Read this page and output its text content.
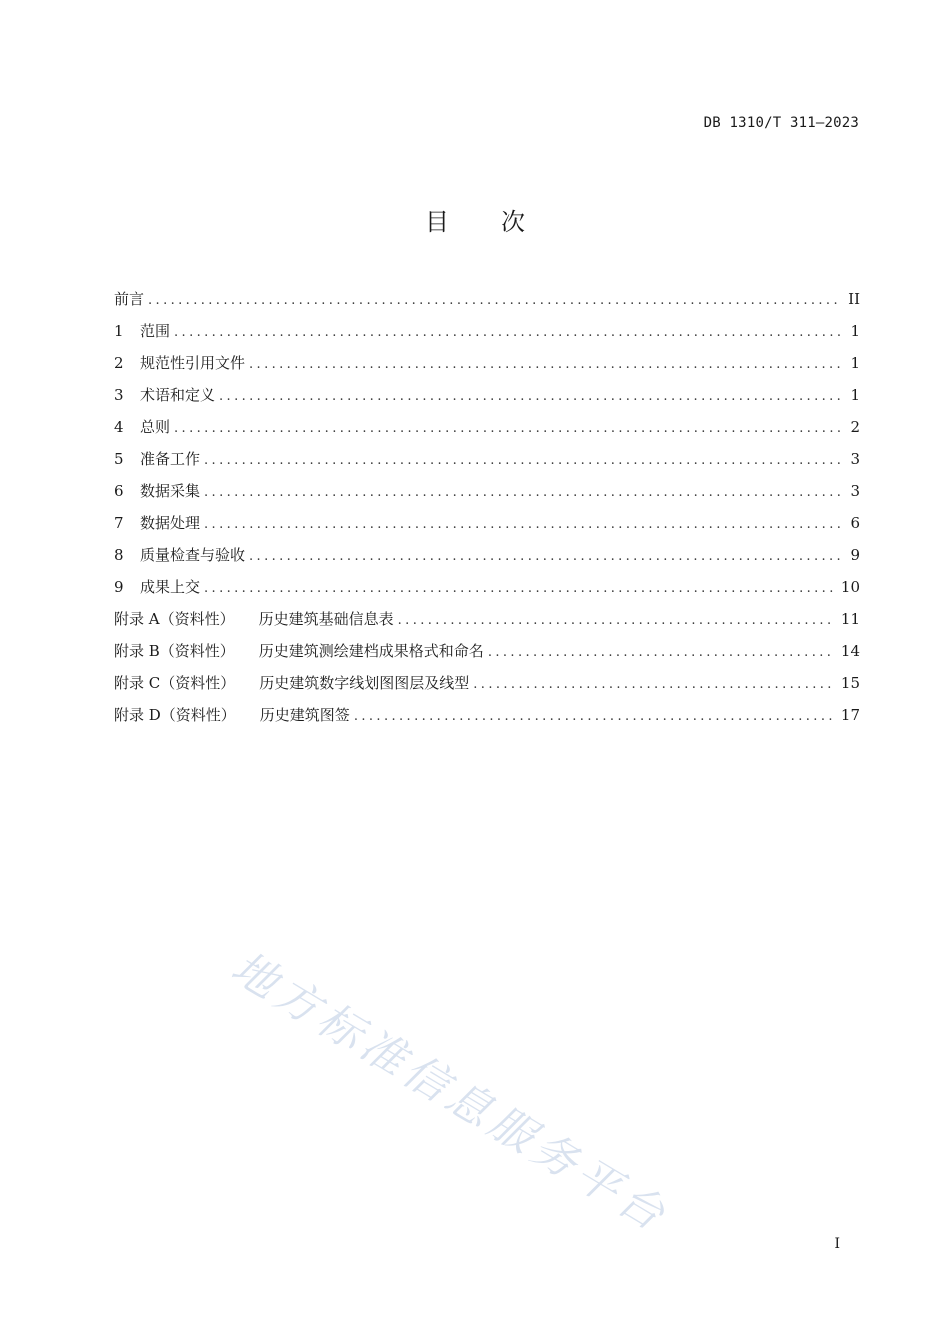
DB 1310/T 311—2023
目 次
前言 .....	II
1	范围 .....	1
2	规范性引用文件 .....	1
3	术语和定义 .....	1
4	总则 .....	2
5	准备工作 .....	3
6	数据采集 .....	3
7	数据处理 .....	6
8	质量检查与验收 .....	9
9	成果上交 .....	10
附录 A（资料性） 历史建筑基础信息表 .....	11
附录 B（资料性） 历史建筑测绘建档成果格式和命名 .....	14
附录 C（资料性） 历史建筑数字线划图图层及线型 .....	15
附录 D（资料性） 历史建筑图签 .....	17
地方标准信息服务平台
I
